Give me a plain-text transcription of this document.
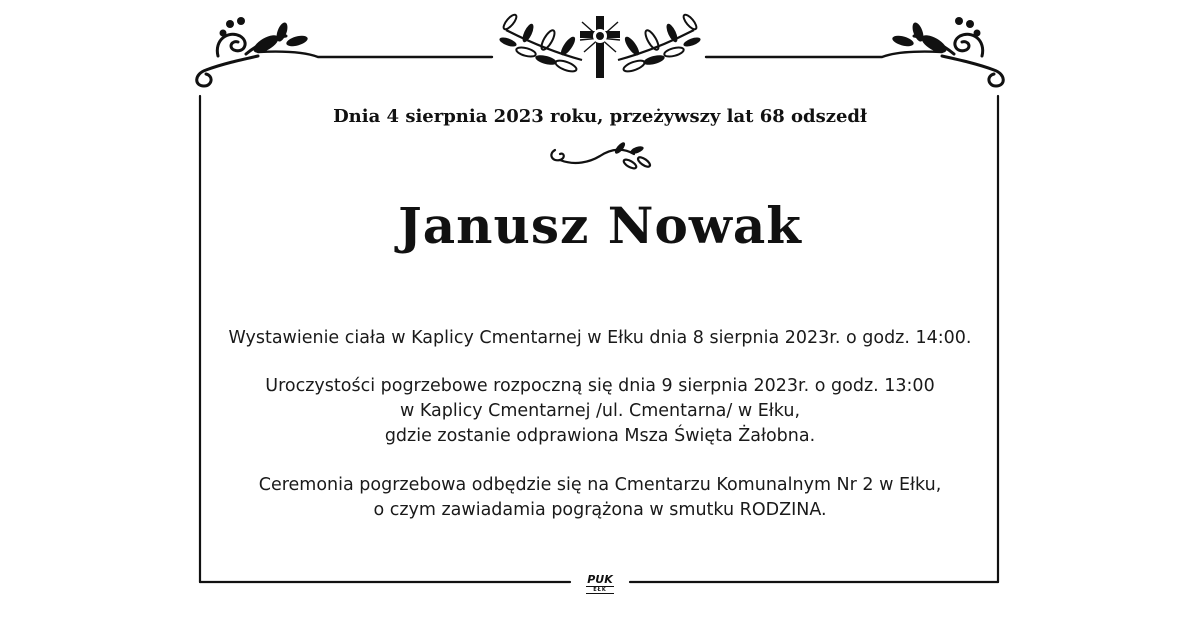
Dnia 4 sierpnia 2023 roku, przeżywszy lat 68 odszedł
Janusz Nowak
Wystawienie ciała w Kaplicy Cmentarnej w Ełku dnia 8 sierpnia 2023r. o godz. 14:00.
Uroczystości pogrzebowe rozpoczną się dnia 9 sierpnia 2023r. o godz. 13:00
w Kaplicy Cmentarnej /ul. Cmentarna/ w Ełku,
gdzie zostanie odprawiona Msza Święta Żałobna.
Ceremonia pogrzebowa odbędzie się na Cmentarzu Komunalnym Nr 2 w Ełku,
o czym zawiadamia pogrążona w smutku RODZINA.
PUK
EŁK
